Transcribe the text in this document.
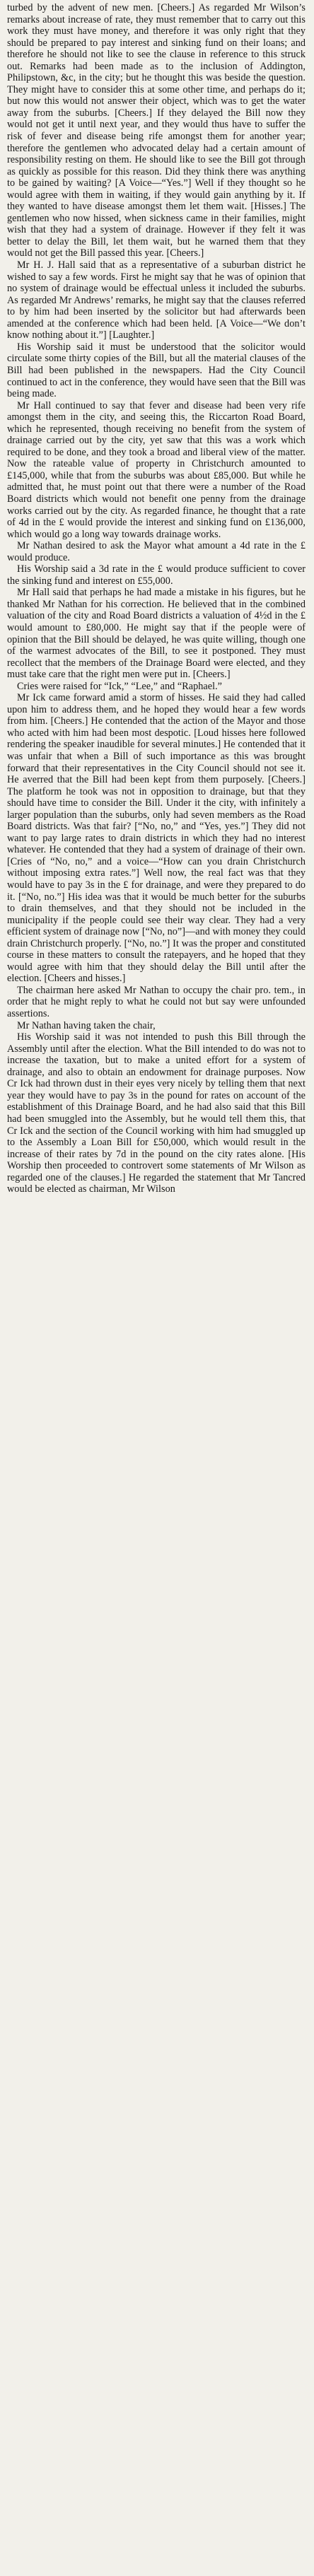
turbed by the advent of new men. [Cheers.] As regarded Mr Wilson’s remarks about increase of rate, they must remember that to carry out this work they must have money, and therefore it was only right that they should be prepared to pay interest and sinking fund on their loans; and therefore he should not like to see the clause in reference to this struck out. Remarks had been made as to the inclusion of Addington, Philipstown, &c, in the city; but he thought this was beside the question. They might have to consider this at some other time, and perhaps do it; but now this would not answer their object, which was to get the water away from the suburbs. [Cheers.] If they delayed the Bill now they would not get it until next year, and they would thus have to suffer the risk of fever and disease being rife amongst them for another year; therefore the gentlemen who advocated delay had a certain amount of responsibility resting on them. He should like to see the Bill got through as quickly as possible for this reason. Did they think there was anything to be gained by waiting? [A Voice—“Yes.”] Well if they thought so he would agree with them in waiting, if they would gain anything by it. If they wanted to have disease amongst them let them wait. [Hisses.] The gentlemen who now hissed, when sickness came in their families, might wish that they had a system of drainage. However if they felt it was better to delay the Bill, let them wait, but he warned them that they would not get the Bill passed this year. [Cheers.]

Mr H. J. Hall said that as a representative of a suburban district he wished to say a few words. First he might say that he was of opinion that no system of drainage would be effectual unless it included the suburbs. As regarded Mr Andrews’ remarks, he might say that the clauses referred to by him had been inserted by the solicitor but had afterwards been amended at the conference which had been held. [A Voice—“We don’t know nothing about it.”] [Laughter.]

His Worship said it must be understood that the solicitor would circulate some thirty copies of the Bill, but all the material clauses of the Bill had been published in the newspapers. Had the City Council continued to act in the conference, they would have seen that the Bill was being made.

Mr Hall continued to say that fever and disease had been very rife amongst them in the city, and seeing this, the Riccarton Road Board, which he represented, though receiving no benefit from the system of drainage carried out by the city, yet saw that this was a work which required to be done, and they took a broad and liberal view of the matter. Now the rateable value of property in Christchurch amounted to £145,000, while that from the suburbs was about £85,000. But while he admitted that, he must point out that there were a number of the Road Board districts which would not benefit one penny from the drainage works carried out by the city. As regarded finance, he thought that a rate of 4d in the £ would provide the interest and sinking fund on £136,000, which would go a long way towards drainage works.

Mr Nathan desired to ask the Mayor what amount a 4d rate in the £ would produce.

His Worship said a 3d rate in the £ would produce sufficient to cover the sinking fund and interest on £55,000.

Mr Hall said that perhaps he had made a mistake in his figures, but he thanked Mr Nathan for his correction. He believed that in the combined valuation of the city and Road Board districts a valuation of 4½d in the £ would amount to £80,000. He might say that if the people were of opinion that the Bill should be delayed, he was quite willing, though one of the warmest advocates of the Bill, to see it postponed. They must recollect that the members of the Drainage Board were elected, and they must take care that the right men were put in. [Cheers.]

Cries were raised for “Ick,” “Lee,” and “Raphael.”

Mr Ick came forward amid a storm of hisses. He said they had called upon him to address them, and he hoped they would hear a few words from him. [Cheers.] He contended that the action of the Mayor and those who acted with him had been most despotic. [Loud hisses here followed rendering the speaker inaudible for several minutes.] He contended that it was unfair that when a Bill of such importance as this was brought forward that their representatives in the City Council should not see it. He averred that the Bill had been kept from them purposely. [Cheers.] The platform he took was not in opposition to drainage, but that they should have time to consider the Bill. Under it the city, with infinitely a larger population than the suburbs, only had seven members as the Road Board districts. Was that fair? [“No, no,” and “Yes, yes.”] They did not want to pay large rates to drain districts in which they had no interest whatever. He contended that they had a system of drainage of their own. [Cries of “No, no,” and a voice—“How can you drain Christchurch without imposing extra rates.”] Well now, the real fact was that they would have to pay 3s in the £ for drainage, and were they prepared to do it. [“No, no.”] His idea was that it would be much better for the suburbs to drain themselves, and that they should not be included in the municipality if the people could see their way clear. They had a very efficient system of drainage now [“No, no”]—and with money they could drain Christchurch properly. [“No, no.”] It was the proper and constituted course in these matters to consult the ratepayers, and he hoped that they would agree with him that they should delay the Bill until after the election. [Cheers and hisses.]

The chairman here asked Mr Nathan to occupy the chair pro. tem., in order that he might reply to what he could not but say were unfounded assertions.

Mr Nathan having taken the chair,

His Worship said it was not intended to push this Bill through the Assembly until after the election. What the Bill intended to do was not to increase the taxation, but to make a united effort for a system of drainage, and also to obtain an endowment for drainage purposes. Now Cr Ick had thrown dust in their eyes very nicely by telling them that next year they would have to pay 3s in the pound for rates on account of the establishment of this Drainage Board, and he had also said that this Bill had been smuggled into the Assembly, but he would tell them this, that Cr Ick and the section of the Council working with him had smuggled up to the Assembly a Loan Bill for £50,000, which would result in the increase of their rates by 7d in the pound on the city rates alone. [His Worship then proceeded to controvert some statements of Mr Wilson as regarded one of the clauses.] He regarded the statement that Mr Tancred would be elected as chairman, Mr Wilson
